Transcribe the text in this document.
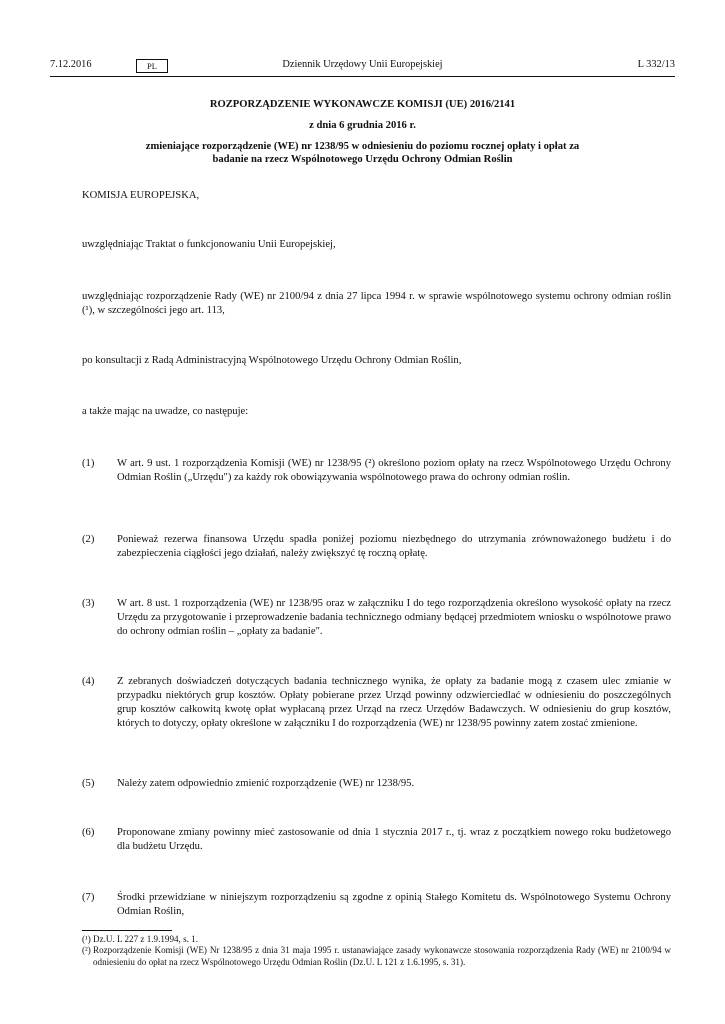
7.12.2016	PL	Dziennik Urzędowy Unii Europejskiej	L 332/13
ROZPORZĄDZENIE WYKONAWCZE KOMISJI (UE) 2016/2141
z dnia 6 grudnia 2016 r.
zmieniające rozporządzenie (WE) nr 1238/95 w odniesieniu do poziomu rocznej opłaty i opłat za
badanie na rzecz Wspólnotowego Urzędu Ochrony Odmian Roślin
KOMISJA EUROPEJSKA,
uwzględniając Traktat o funkcjonowaniu Unii Europejskiej,
uwzględniając rozporządzenie Rady (WE) nr 2100/94 z dnia 27 lipca 1994 r. w sprawie wspólnotowego systemu ochrony odmian roślin (¹), w szczególności jego art. 113,
po konsultacji z Radą Administracyjną Wspólnotowego Urzędu Ochrony Odmian Roślin,
a także mając na uwadze, co następuje:
(1) W art. 9 ust. 1 rozporządzenia Komisji (WE) nr 1238/95 (²) określono poziom opłaty na rzecz Wspólnotowego Urzędu Ochrony Odmian Roślin („Urzędu") za każdy rok obowiązywania wspólnotowego prawa do ochrony odmian roślin.
(2) Ponieważ rezerwa finansowa Urzędu spadła poniżej poziomu niezbędnego do utrzymania zrównoważonego budżetu i do zabezpieczenia ciągłości jego działań, należy zwiększyć tę roczną opłatę.
(3) W art. 8 ust. 1 rozporządzenia (WE) nr 1238/95 oraz w załączniku I do tego rozporządzenia określono wysokość opłaty na rzecz Urzędu za przygotowanie i przeprowadzenie badania technicznego odmiany będącej przedmiotem wniosku o wspólnotowe prawo do ochrony odmian roślin – „opłaty za badanie".
(4) Z zebranych doświadczeń dotyczących badania technicznego wynika, że opłaty za badanie mogą z czasem ulec zmianie w przypadku niektórych grup kosztów. Opłaty pobierane przez Urząd powinny odzwierciedlać w odniesieniu do poszczególnych grup kosztów całkowitą kwotę opłat wypłacaną przez Urząd na rzecz Urzędów Badawczych. W odniesieniu do grup kosztów, których to dotyczy, opłaty określone w załączniku I do rozporządzenia (WE) nr 1238/95 powinny zatem zostać zmienione.
(5) Należy zatem odpowiednio zmienić rozporządzenie (WE) nr 1238/95.
(6) Proponowane zmiany powinny mieć zastosowanie od dnia 1 stycznia 2017 r., tj. wraz z początkiem nowego roku budżetowego dla budżetu Urzędu.
(7) Środki przewidziane w niniejszym rozporządzeniu są zgodne z opinią Stałego Komitetu ds. Wspólnotowego Systemu Ochrony Odmian Roślin,
(¹) Dz.U. L 227 z 1.9.1994, s. 1.
(²) Rozporządzenie Komisji (WE) Nr 1238/95 z dnia 31 maja 1995 r. ustanawiające zasady wykonawcze stosowania rozporządzenia Rady (WE) nr 2100/94 w odniesieniu do opłat na rzecz Wspólnotowego Urzędu Odmian Roślin (Dz.U. L 121 z 1.6.1995, s. 31).
